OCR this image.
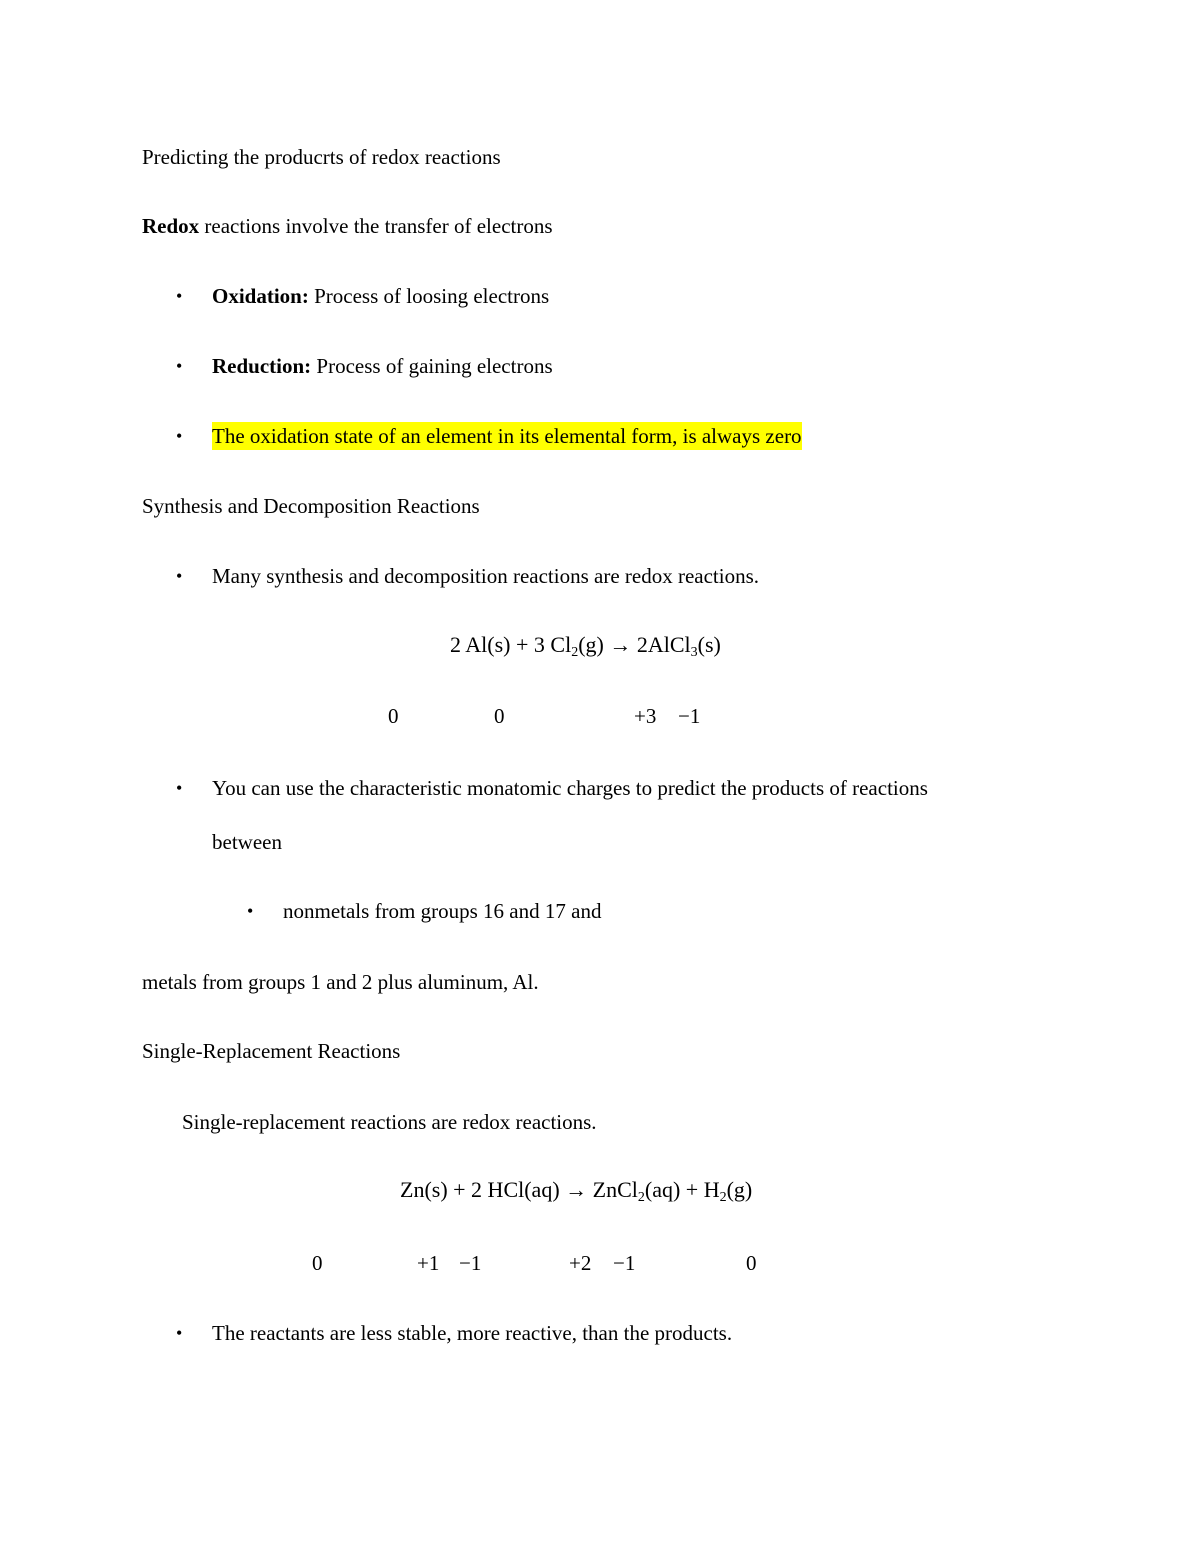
Predicting the producrts of redox reactions
Redox reactions involve the transfer of electrons
• Oxidation: Process of loosing electrons
• Reduction: Process of gaining electrons
• The oxidation state of an element in its elemental form, is always zero
Synthesis and Decomposition Reactions
• Many synthesis and decomposition reactions are redox reactions.
2 Al(s) + 3 $Cl_2(g)$ → 2AlCl$_3$(s)
0	0	+3 −1
• You can use the characteristic monatomic charges to predict the products of reactions
between
• nonmetals from groups 16 and 17 and
metals from groups 1 and 2 plus aluminum, Al.
Single-Replacement Reactions
Single-replacement reactions are redox reactions.
Zn(s) + 2 HCl(aq) → ZnCl$_2$(aq) + $H_2(g)$
0	+1 −1	+2 −1	0
• The reactants are less stable, more reactive, than the products.
